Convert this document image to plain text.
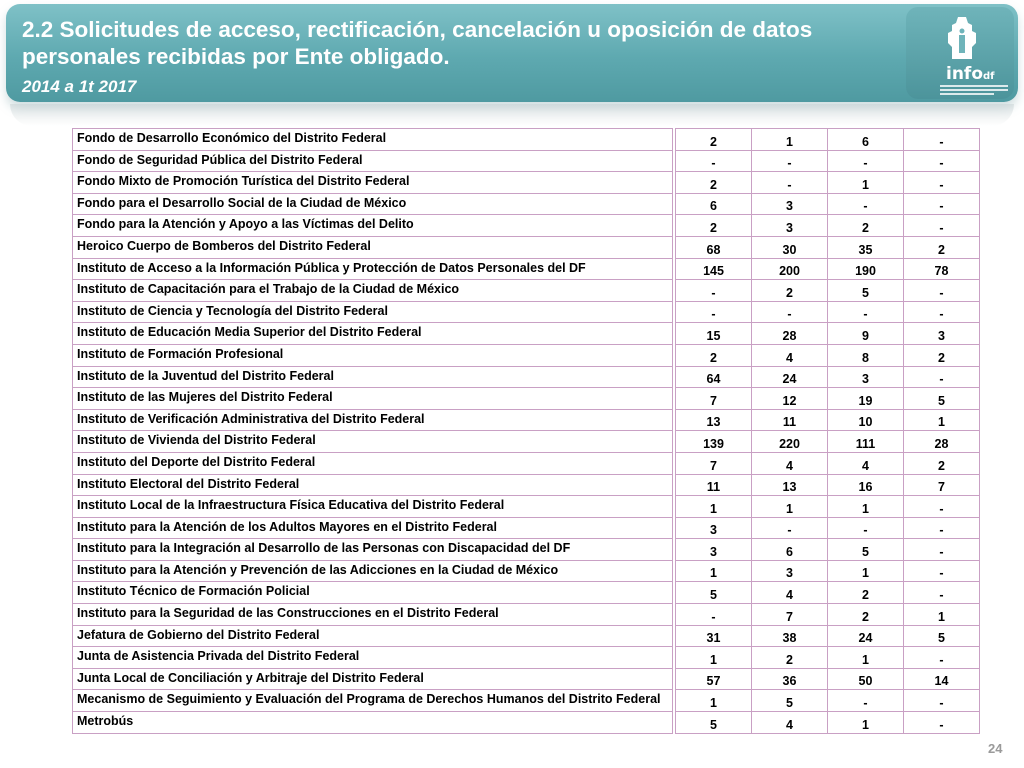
2.2 Solicitudes de acceso, rectificación, cancelación u oposición de datos personales recibidas por Ente obligado.
2014 a 1t 2017
infodf
Fondo de Desarrollo Económico del Distrito Federal		2	1	6	-
Fondo de Seguridad Pública del Distrito Federal		-	-	-	-
Fondo Mixto de Promoción Turística del Distrito Federal		2	-	1	-
Fondo para el Desarrollo Social de la Ciudad de México		6	3	-	-
Fondo para la Atención y Apoyo a las Víctimas del Delito		2	3	2	-
Heroico Cuerpo de Bomberos del Distrito Federal		68	30	35	2
Instituto de Acceso a la Información Pública y Protección de Datos Personales del DF		145	200	190	78
Instituto de Capacitación para el Trabajo de la Ciudad de México		-	2	5	-
Instituto de Ciencia y Tecnología del Distrito Federal		-	-	-	-
Instituto de Educación Media Superior del Distrito Federal		15	28	9	3
Instituto de Formación Profesional		2	4	8	2
Instituto de la Juventud del Distrito Federal		64	24	3	-
Instituto de las Mujeres del Distrito Federal		7	12	19	5
Instituto de Verificación Administrativa del Distrito Federal		13	11	10	1
Instituto de Vivienda del Distrito Federal		139	220	111	28
Instituto del Deporte del Distrito Federal		7	4	4	2
Instituto Electoral del Distrito Federal		11	13	16	7
Instituto Local de la Infraestructura Física Educativa del Distrito Federal		1	1	1	-
Instituto para la Atención de los Adultos Mayores en el Distrito Federal		3	-	-	-
Instituto para la Integración al Desarrollo de las Personas con Discapacidad del DF		3	6	5	-
Instituto para la Atención y Prevención de las Adicciones en la Ciudad de México		1	3	1	-
Instituto Técnico de Formación Policial		5	4	2	-
Instituto para la Seguridad de las Construcciones en el Distrito Federal		-	7	2	1
Jefatura de Gobierno del Distrito Federal		31	38	24	5
Junta de Asistencia Privada del Distrito Federal		1	2	1	-
Junta Local de Conciliación y Arbitraje del Distrito Federal		57	36	50	14
Mecanismo de Seguimiento y Evaluación del Programa de Derechos Humanos del Distrito Federal		1	5	-	-
Metrobús		5	4	1	-
24
